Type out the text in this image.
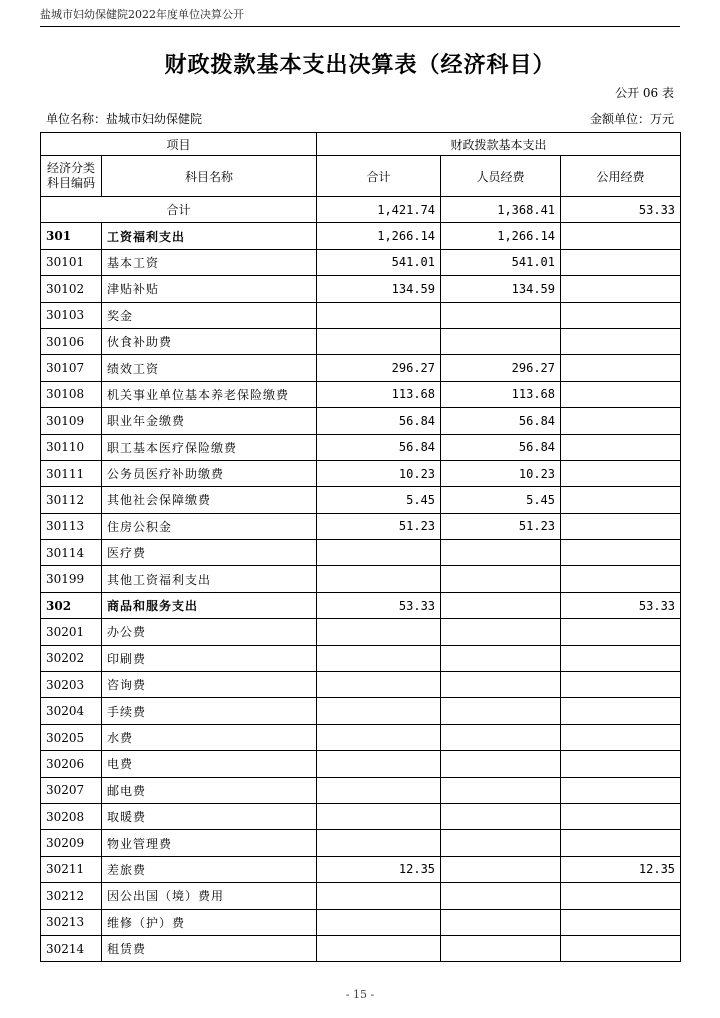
盐城市妇幼保健院2022年度单位决算公开
财政拨款基本支出决算表（经济科目）
公开 06 表
单位名称：盐城市妇幼保健院	金额单位：万元
项目		财政拨款基本支出		
经济分类科目编码	科目名称	合计	人员经费	公用经费
合计		1,421.74	1,368.41	53.33
301	工资福利支出	1,266.14	1,266.14	
30101	基本工资	541.01	541.01	
30102	津贴补贴	134.59	134.59	
30103	奖金			
30106	伙食补助费			
30107	绩效工资	296.27	296.27	
30108	机关事业单位基本养老保险缴费	113.68	113.68	
30109	职业年金缴费	56.84	56.84	
30110	职工基本医疗保险缴费	56.84	56.84	
30111	公务员医疗补助缴费	10.23	10.23	
30112	其他社会保障缴费	5.45	5.45	
30113	住房公积金	51.23	51.23	
30114	医疗费			
30199	其他工资福利支出			
302	商品和服务支出	53.33		53.33
30201	办公费			
30202	印刷费			
30203	咨询费			
30204	手续费			
30205	水费			
30206	电费			
30207	邮电费			
30208	取暖费			
30209	物业管理费			
30211	差旅费	12.35		12.35
30212	因公出国（境）费用			
30213	维修（护）费			
30214	租赁费			
- 15 -
